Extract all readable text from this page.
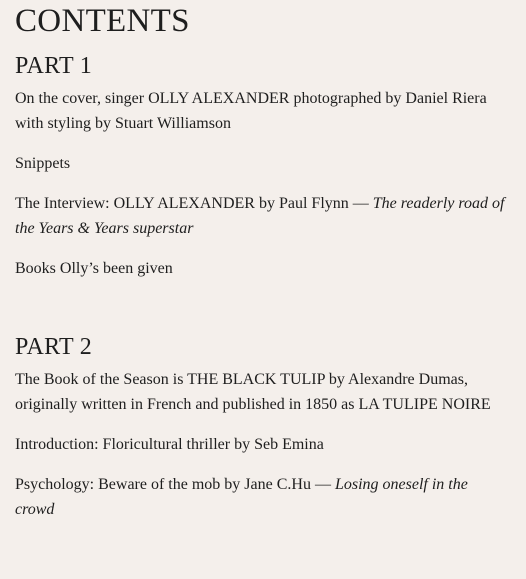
CONTENTS
PART 1

On the cover, singer OLLY ALEXANDER photographed by Daniel Riera with styling by Stuart Williamson

Snippets

The Interview: OLLY ALEXANDER by Paul Flynn — The readerly road of the Years & Years superstar

Books Olly’s been given

PART 2

The Book of the Season is THE BLACK TULIP by Alexandre Dumas, originally written in French and published in 1850 as LA TULIPE NOIRE

Introduction: Floricultural thriller by Seb Emina

Psychology: Beware of the mob by Jane C.Hu — Losing oneself in the crowd
